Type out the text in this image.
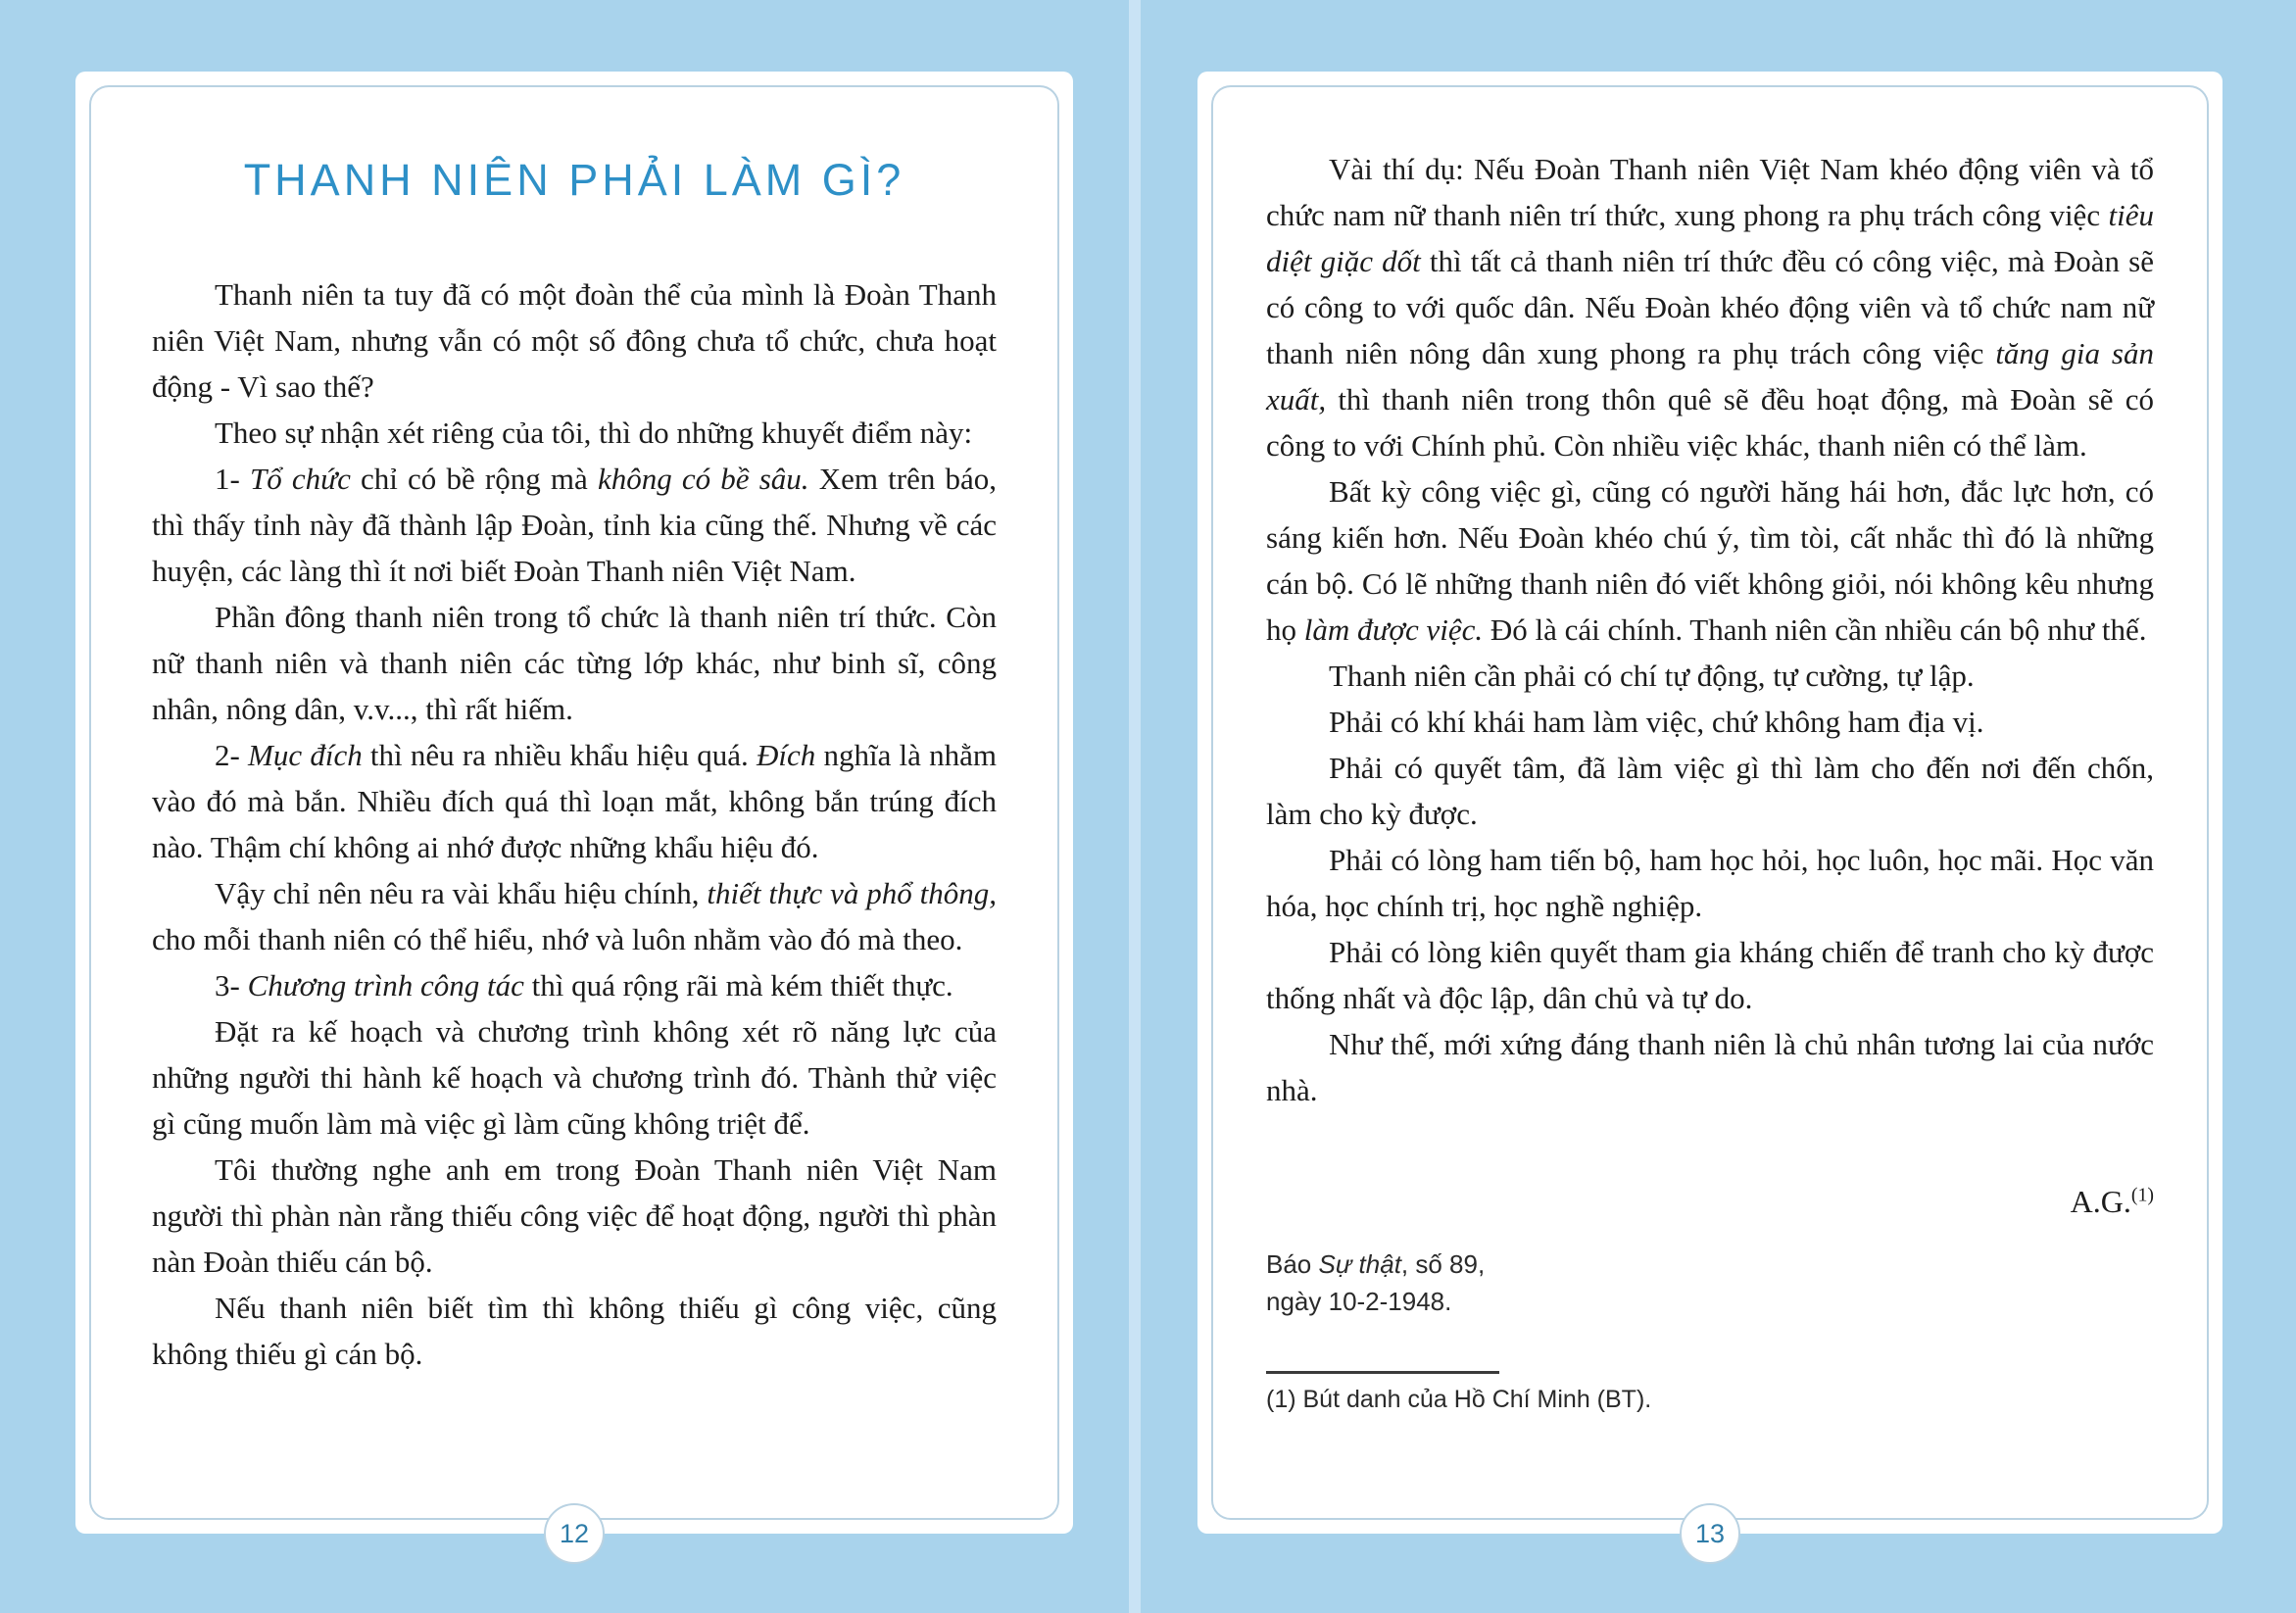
THANH NIÊN PHẢI LÀM GÌ?

Thanh niên ta tuy đã có một đoàn thể của mình là Đoàn Thanh niên Việt Nam, nhưng vẫn có một số đông chưa tổ chức, chưa hoạt động - Vì sao thế?

Theo sự nhận xét riêng của tôi, thì do những khuyết điểm này:

1- Tổ chức chỉ có bề rộng mà không có bề sâu. Xem trên báo, thì thấy tỉnh này đã thành lập Đoàn, tỉnh kia cũng thế. Nhưng về các huyện, các làng thì ít nơi biết Đoàn Thanh niên Việt Nam.

Phần đông thanh niên trong tổ chức là thanh niên trí thức. Còn nữ thanh niên và thanh niên các từng lớp khác, như binh sĩ, công nhân, nông dân, v.v..., thì rất hiếm.

2- Mục đích thì nêu ra nhiều khẩu hiệu quá. Đích nghĩa là nhằm vào đó mà bắn. Nhiều đích quá thì loạn mắt, không bắn trúng đích nào. Thậm chí không ai nhớ được những khẩu hiệu đó.

Vậy chỉ nên nêu ra vài khẩu hiệu chính, thiết thực và phổ thông, cho mỗi thanh niên có thể hiểu, nhớ và luôn nhằm vào đó mà theo.

3- Chương trình công tác thì quá rộng rãi mà kém thiết thực.

Đặt ra kế hoạch và chương trình không xét rõ năng lực của những người thi hành kế hoạch và chương trình đó. Thành thử việc gì cũng muốn làm mà việc gì làm cũng không triệt để.

Tôi thường nghe anh em trong Đoàn Thanh niên Việt Nam người thì phàn nàn rằng thiếu công việc để hoạt động, người thì phàn nàn Đoàn thiếu cán bộ.

Nếu thanh niên biết tìm thì không thiếu gì công việc, cũng không thiếu gì cán bộ.

12

Vài thí dụ: Nếu Đoàn Thanh niên Việt Nam khéo động viên và tổ chức nam nữ thanh niên trí thức, xung phong ra phụ trách công việc tiêu diệt giặc dốt thì tất cả thanh niên trí thức đều có công việc, mà Đoàn sẽ có công to với quốc dân. Nếu Đoàn khéo động viên và tổ chức nam nữ thanh niên nông dân xung phong ra phụ trách công việc tăng gia sản xuất, thì thanh niên trong thôn quê sẽ đều hoạt động, mà Đoàn sẽ có công to với Chính phủ. Còn nhiều việc khác, thanh niên có thể làm.

Bất kỳ công việc gì, cũng có người hăng hái hơn, đắc lực hơn, có sáng kiến hơn. Nếu Đoàn khéo chú ý, tìm tòi, cất nhắc thì đó là những cán bộ. Có lẽ những thanh niên đó viết không giỏi, nói không kêu nhưng họ làm được việc. Đó là cái chính. Thanh niên cần nhiều cán bộ như thế.

Thanh niên cần phải có chí tự động, tự cường, tự lập.

Phải có khí khái ham làm việc, chứ không ham địa vị.

Phải có quyết tâm, đã làm việc gì thì làm cho đến nơi đến chốn, làm cho kỳ được.

Phải có lòng ham tiến bộ, ham học hỏi, học luôn, học mãi. Học văn hóa, học chính trị, học nghề nghiệp.

Phải có lòng kiên quyết tham gia kháng chiến để tranh cho kỳ được thống nhất và độc lập, dân chủ và tự do.

Như thế, mới xứng đáng thanh niên là chủ nhân tương lai của nước nhà.

A.G.$^{(1)}$

Báo Sự thật, số 89,

ngày 10-2-1948.

(1) Bút danh của Hồ Chí Minh (BT).
13
